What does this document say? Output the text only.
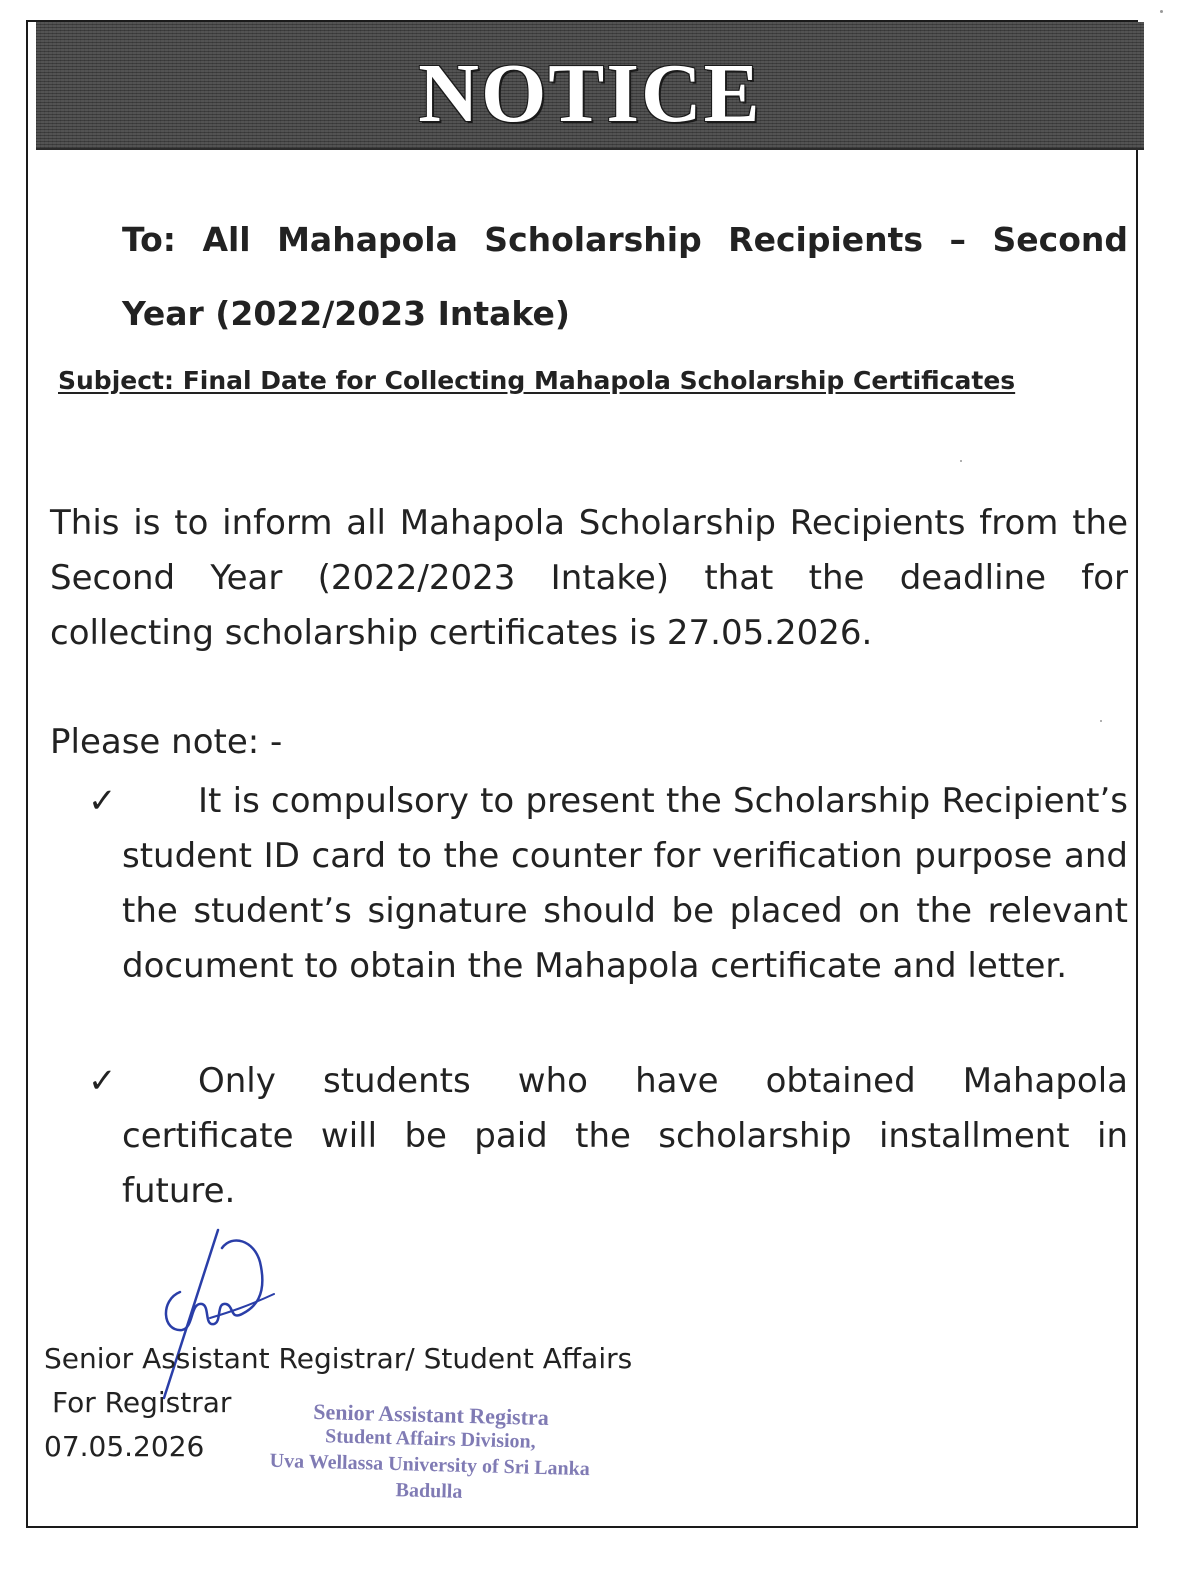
NOTICE
To: All Mahapola Scholarship Recipients – Second
Year (2022/2023 Intake)
Subject: Final Date for Collecting Mahapola Scholarship Certificates
This is to inform all Mahapola Scholarship Recipients from the Second Year (2022/2023 Intake) that the deadline for collecting scholarship certificates is 27.05.2026.
Please note: -
✓	It is compulsory to present the Scholarship Recipient’s student ID card to the counter for verification purpose and the student’s signature should be placed on the relevant document to obtain the Mahapola certificate and letter.
✓	Only students who have obtained Mahapola certificate will be paid the scholarship installment in future.
Senior Assistant Registrar/ Student Affairs
For Registrar
07.05.2026
Senior Assistant Registra
Student Affairs Division,
Uva Wellassa University of Sri Lanka
Badulla
